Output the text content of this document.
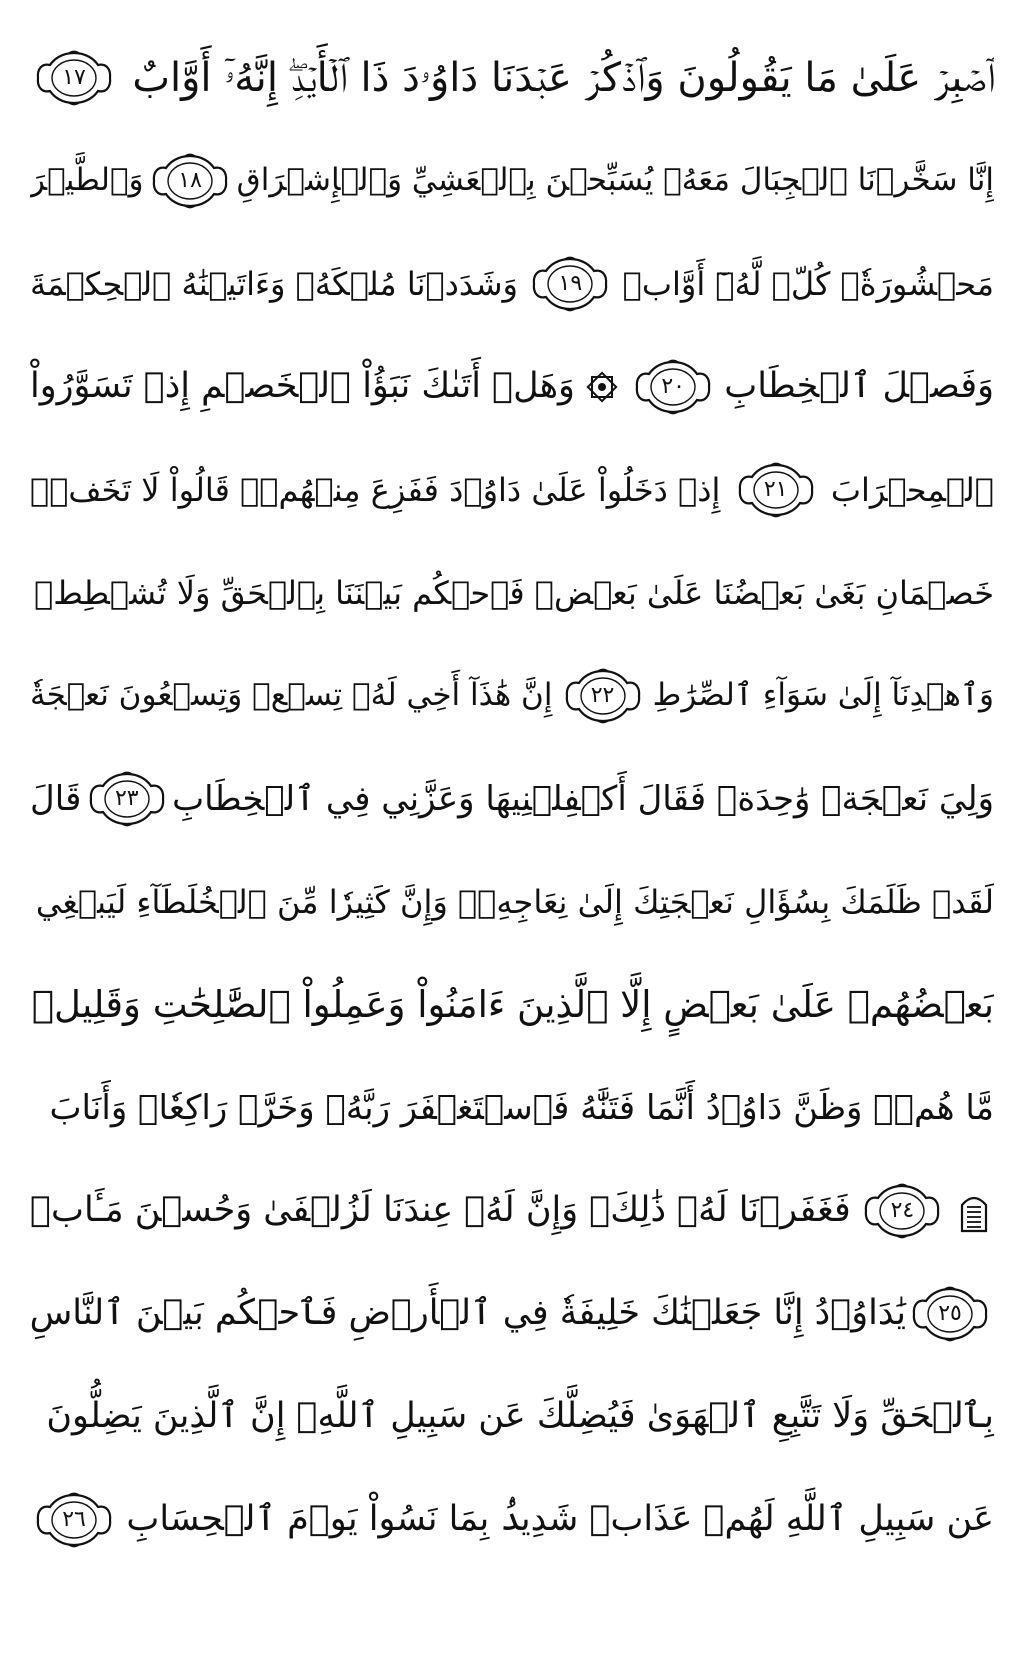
ٱصۡبِرۡ عَلَىٰ مَا يَقُولُونَ وَٱذۡكُرۡ عَبۡدَنَا دَاوُۥدَ ذَا ٱلۡأَيۡدِۖ إِنَّهُۥٓ أَوَّابٌ
١٧
إِنَّا سَخَّرۡنَا ٱلۡجِبَالَ مَعَهُۥ يُسَبِّحۡنَ بِٱلۡعَشِيِّ وَٱلۡإِشۡرَاقِ
١٨
وَٱلطَّيۡرَ
مَحۡشُورَةٗۖ كُلّٞ لَّهُۥٓ أَوَّابٞ
١٩
وَشَدَدۡنَا مُلۡكَهُۥ وَءَاتَيۡنَٰهُ ٱلۡحِكۡمَةَ
وَفَصۡلَ ٱلۡخِطَابِ
٢٠
وَهَلۡ أَتَىٰكَ نَبَؤُاْ ٱلۡخَصۡمِ إِذۡ تَسَوَّرُواْ
ٱلۡمِحۡرَابَ
٢١
إِذۡ دَخَلُواْ عَلَىٰ دَاوُۥدَ فَفَزِعَ مِنۡهُمۡۖ قَالُواْ لَا تَخَفۡۖ
خَصۡمَانِ بَغَىٰ بَعۡضُنَا عَلَىٰ بَعۡضٖ فَٱحۡكُم بَيۡنَنَا بِٱلۡحَقِّ وَلَا تُشۡطِطۡ
وَٱهۡدِنَآ إِلَىٰ سَوَآءِ ٱلصِّرَٰطِ
٢٢
إِنَّ هَٰذَآ أَخِي لَهُۥ تِسۡعٞ وَتِسۡعُونَ نَعۡجَةٗ
وَلِيَ نَعۡجَةٞ وَٰحِدَةٞ فَقَالَ أَكۡفِلۡنِيهَا وَعَزَّنِي فِي ٱلۡخِطَابِ
٢٣
قَالَ
لَقَدۡ ظَلَمَكَ بِسُؤَالِ نَعۡجَتِكَ إِلَىٰ نِعَاجِهِۦۖ وَإِنَّ كَثِيرٗا مِّنَ ٱلۡخُلَطَآءِ لَيَبۡغِي
بَعۡضُهُمۡ عَلَىٰ بَعۡضٍ إِلَّا ٱلَّذِينَ ءَامَنُواْ وَعَمِلُواْ ٱلصَّٰلِحَٰتِ وَقَلِيلٞ
مَّا هُمۡۗ وَظَنَّ دَاوُۥدُ أَنَّمَا فَتَنَّٰهُ فَٱسۡتَغۡفَرَ رَبَّهُۥ وَخَرَّۤ رَاكِعٗاۤ وَأَنَابَ
٢٤
فَغَفَرۡنَا لَهُۥ ذَٰلِكَۖ وَإِنَّ لَهُۥ عِندَنَا لَزُلۡفَىٰ وَحُسۡنَ مَـَٔابٖ
٢٥
يَٰدَاوُۥدُ إِنَّا جَعَلۡنَٰكَ خَلِيفَةٗ فِي ٱلۡأَرۡضِ فَٱحۡكُم بَيۡنَ ٱلنَّاسِ
بِٱلۡحَقِّ وَلَا تَتَّبِعِ ٱلۡهَوَىٰ فَيُضِلَّكَ عَن سَبِيلِ ٱللَّهِۚ إِنَّ ٱلَّذِينَ يَضِلُّونَ
عَن سَبِيلِ ٱللَّهِ لَهُمۡ عَذَابٞ شَدِيدُۢ بِمَا نَسُواْ يَوۡمَ ٱلۡحِسَابِ
٢٦
